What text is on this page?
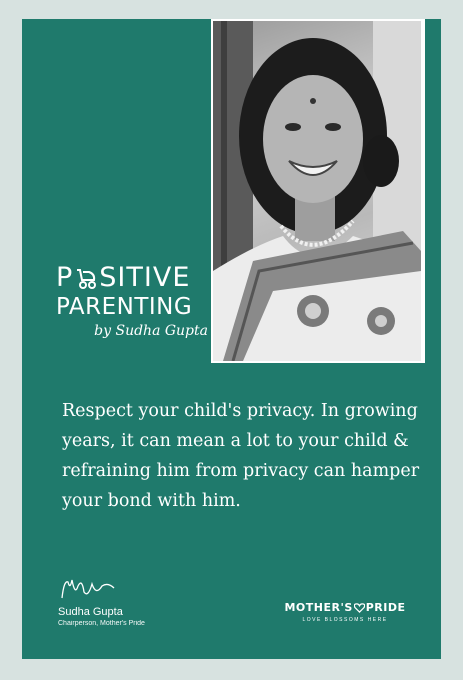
P SITIVE
PARENTING
by Sudha Gupta
Respect your child's privacy. In growing years, it can mean a lot to your child & refraining him from privacy can hamper your bond with him.
Sudha Gupta
Chairperson, Mother's Pride
MOTHER'S PRIDE
LOVE BLOSSOMS HERE
